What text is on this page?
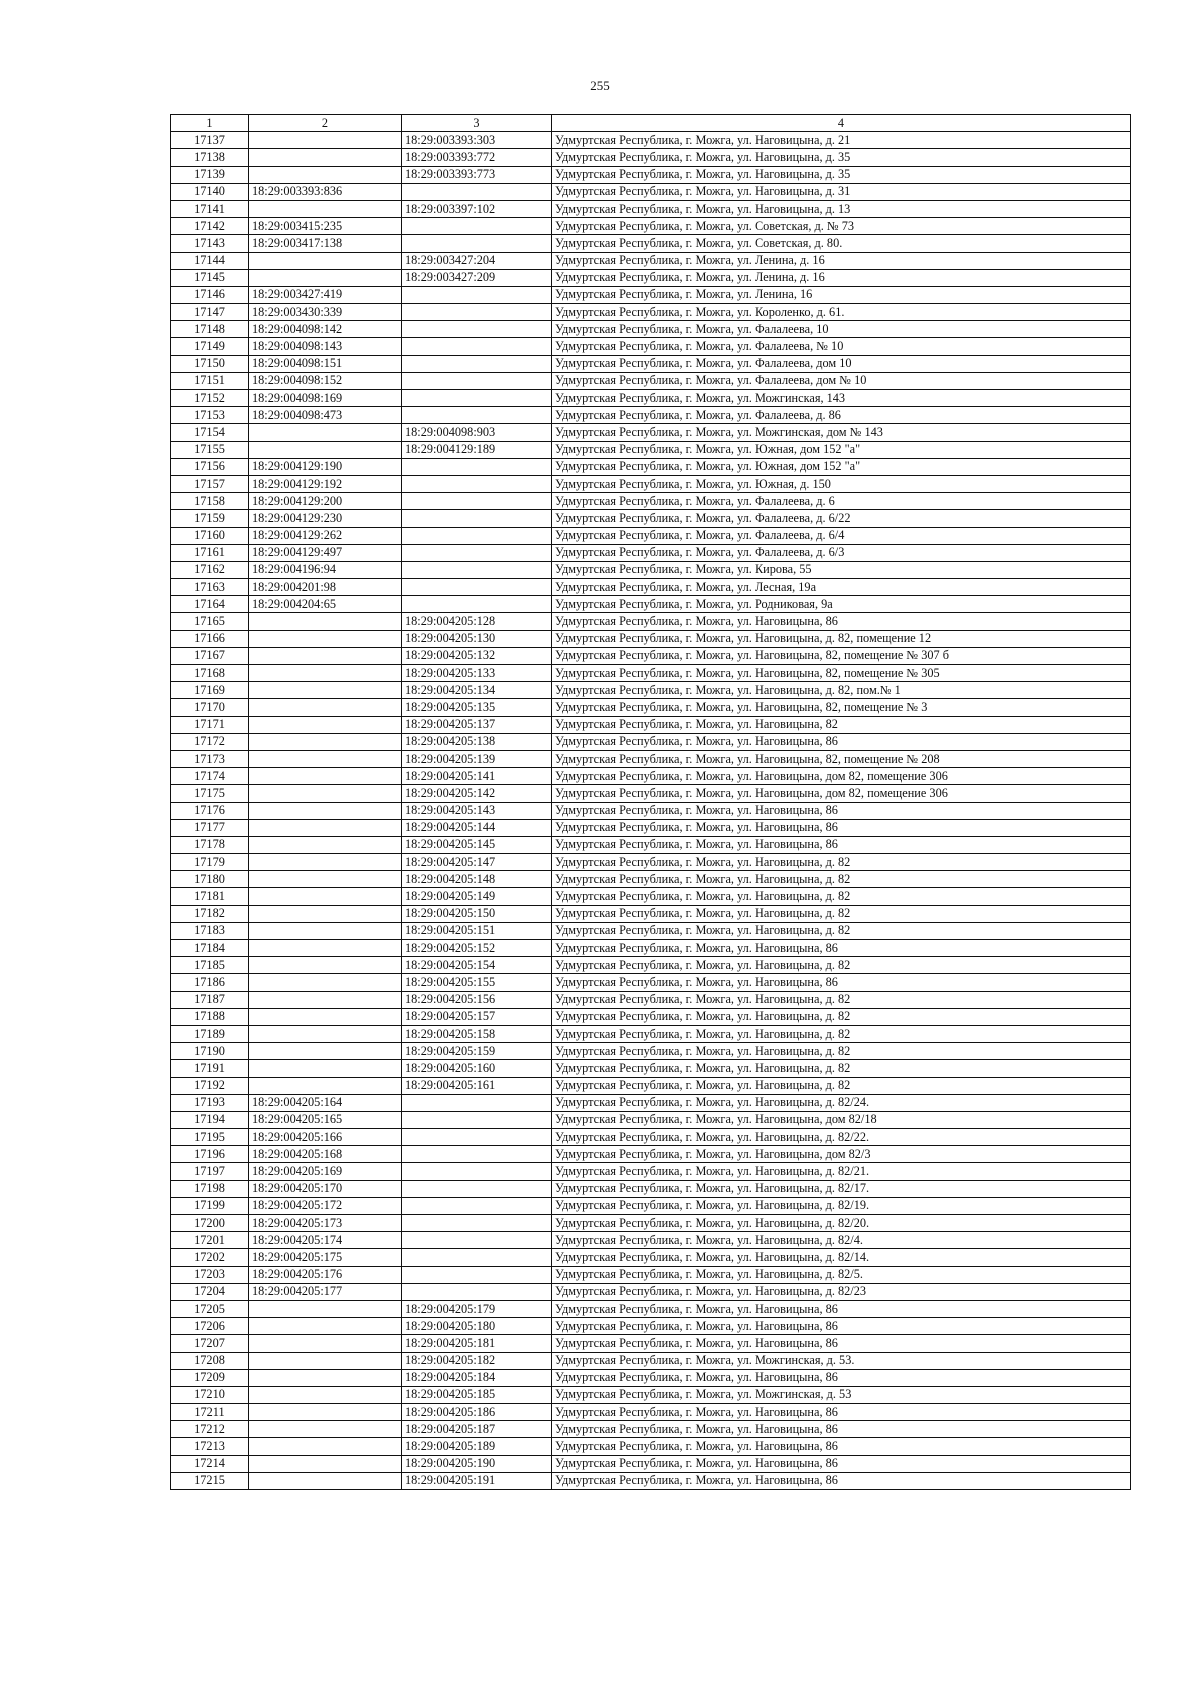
255
1	2	3	4
17137		18:29:003393:303	Удмуртская Республика, г. Можга, ул. Наговицына, д. 21
17138		18:29:003393:772	Удмуртская Республика, г. Можга, ул. Наговицына, д. 35
17139		18:29:003393:773	Удмуртская Республика, г. Можга, ул. Наговицына, д. 35
17140	18:29:003393:836		Удмуртская Республика, г. Можга, ул. Наговицына, д. 31
17141		18:29:003397:102	Удмуртская Республика, г. Можга, ул. Наговицына, д. 13
17142	18:29:003415:235		Удмуртская Республика, г. Можга, ул. Советская, д. № 73
17143	18:29:003417:138		Удмуртская Республика, г. Можга, ул. Советская, д. 80.
17144		18:29:003427:204	Удмуртская Республика, г. Можга, ул. Ленина, д. 16
17145		18:29:003427:209	Удмуртская Республика, г. Можга, ул. Ленина, д. 16
17146	18:29:003427:419		Удмуртская Республика, г. Можга, ул. Ленина, 16
17147	18:29:003430:339		Удмуртская Республика, г. Можга, ул. Короленко, д. 61.
17148	18:29:004098:142		Удмуртская Республика, г. Можга, ул. Фалалеева, 10
17149	18:29:004098:143		Удмуртская Республика, г. Можга, ул. Фалалеева, № 10
17150	18:29:004098:151		Удмуртская Республика, г. Можга, ул. Фалалеева, дом 10
17151	18:29:004098:152		Удмуртская Республика, г. Можга, ул. Фалалеева, дом № 10
17152	18:29:004098:169		Удмуртская Республика, г. Можга, ул. Можгинская, 143
17153	18:29:004098:473		Удмуртская Республика, г. Можга, ул. Фалалеева, д. 86
17154		18:29:004098:903	Удмуртская Республика, г. Можга, ул. Можгинская, дом № 143
17155		18:29:004129:189	Удмуртская Республика, г. Можга, ул. Южная, дом 152 "а"
17156	18:29:004129:190		Удмуртская Республика, г. Можга, ул. Южная, дом 152 "а"
17157	18:29:004129:192		Удмуртская Республика, г. Можга, ул. Южная, д. 150
17158	18:29:004129:200		Удмуртская Республика, г. Можга, ул. Фалалеева, д. 6
17159	18:29:004129:230		Удмуртская Республика, г. Можга, ул. Фалалеева, д. 6/22
17160	18:29:004129:262		Удмуртская Республика, г. Можга, ул. Фалалеева, д. 6/4
17161	18:29:004129:497		Удмуртская Республика, г. Можга, ул. Фалалеева, д. 6/3
17162	18:29:004196:94		Удмуртская Республика, г. Можга, ул. Кирова, 55
17163	18:29:004201:98		Удмуртская Республика, г. Можга, ул. Лесная, 19а
17164	18:29:004204:65		Удмуртская Республика, г. Можга, ул. Родниковая, 9а
17165		18:29:004205:128	Удмуртская Республика, г. Можга, ул. Наговицына, 86
17166		18:29:004205:130	Удмуртская Республика, г. Можга, ул. Наговицына, д. 82, помещение 12
17167		18:29:004205:132	Удмуртская Республика, г. Можга, ул. Наговицына, 82, помещение № 307 б
17168		18:29:004205:133	Удмуртская Республика, г. Можга, ул. Наговицына, 82, помещение № 305
17169		18:29:004205:134	Удмуртская Республика, г. Можга, ул. Наговицына, д. 82, пом.№ 1
17170		18:29:004205:135	Удмуртская Республика, г. Можга, ул. Наговицына, 82, помещение № 3
17171		18:29:004205:137	Удмуртская Республика, г. Можга, ул. Наговицына, 82
17172		18:29:004205:138	Удмуртская Республика, г. Можга, ул. Наговицына, 86
17173		18:29:004205:139	Удмуртская Республика, г. Можга, ул. Наговицына, 82, помещение № 208
17174		18:29:004205:141	Удмуртская Республика, г. Можга, ул. Наговицына, дом 82, помещение 306
17175		18:29:004205:142	Удмуртская Республика, г. Можга, ул. Наговицына, дом 82, помещение 306
17176		18:29:004205:143	Удмуртская Республика, г. Можга, ул. Наговицына, 86
17177		18:29:004205:144	Удмуртская Республика, г. Можга, ул. Наговицына, 86
17178		18:29:004205:145	Удмуртская Республика, г. Можга, ул. Наговицына, 86
17179		18:29:004205:147	Удмуртская Республика, г. Можга, ул. Наговицына, д. 82
17180		18:29:004205:148	Удмуртская Республика, г. Можга, ул. Наговицына, д. 82
17181		18:29:004205:149	Удмуртская Республика, г. Можга, ул. Наговицына, д. 82
17182		18:29:004205:150	Удмуртская Республика, г. Можга, ул. Наговицына, д. 82
17183		18:29:004205:151	Удмуртская Республика, г. Можга, ул. Наговицына, д. 82
17184		18:29:004205:152	Удмуртская Республика, г. Можга, ул. Наговицына, 86
17185		18:29:004205:154	Удмуртская Республика, г. Можга, ул. Наговицына, д. 82
17186		18:29:004205:155	Удмуртская Республика, г. Можга, ул. Наговицына, 86
17187		18:29:004205:156	Удмуртская Республика, г. Можга, ул. Наговицына, д. 82
17188		18:29:004205:157	Удмуртская Республика, г. Можга, ул. Наговицына, д. 82
17189		18:29:004205:158	Удмуртская Республика, г. Можга, ул. Наговицына, д. 82
17190		18:29:004205:159	Удмуртская Республика, г. Можга, ул. Наговицына, д. 82
17191		18:29:004205:160	Удмуртская Республика, г. Можга, ул. Наговицына, д. 82
17192		18:29:004205:161	Удмуртская Республика, г. Можга, ул. Наговицына, д. 82
17193	18:29:004205:164		Удмуртская Республика, г. Можга, ул. Наговицына, д. 82/24.
17194	18:29:004205:165		Удмуртская Республика, г. Можга, ул. Наговицына, дом 82/18
17195	18:29:004205:166		Удмуртская Республика, г. Можга, ул. Наговицына, д. 82/22.
17196	18:29:004205:168		Удмуртская Республика, г. Можга, ул. Наговицына, дом 82/3
17197	18:29:004205:169		Удмуртская Республика, г. Можга, ул. Наговицына, д. 82/21.
17198	18:29:004205:170		Удмуртская Республика, г. Можга, ул. Наговицына, д. 82/17.
17199	18:29:004205:172		Удмуртская Республика, г. Можга, ул. Наговицына, д. 82/19.
17200	18:29:004205:173		Удмуртская Республика, г. Можга, ул. Наговицына, д. 82/20.
17201	18:29:004205:174		Удмуртская Республика, г. Можга, ул. Наговицына, д. 82/4.
17202	18:29:004205:175		Удмуртская Республика, г. Можга, ул. Наговицына, д. 82/14.
17203	18:29:004205:176		Удмуртская Республика, г. Можга, ул. Наговицына, д. 82/5.
17204	18:29:004205:177		Удмуртская Республика, г. Можга, ул. Наговицына, д. 82/23
17205		18:29:004205:179	Удмуртская Республика, г. Можга, ул. Наговицына, 86
17206		18:29:004205:180	Удмуртская Республика, г. Можга, ул. Наговицына, 86
17207		18:29:004205:181	Удмуртская Республика, г. Можга, ул. Наговицына, 86
17208		18:29:004205:182	Удмуртская Республика, г. Можга, ул. Можгинская, д. 53.
17209		18:29:004205:184	Удмуртская Республика, г. Можга, ул. Наговицына, 86
17210		18:29:004205:185	Удмуртская Республика, г. Можга, ул. Можгинская, д. 53
17211		18:29:004205:186	Удмуртская Республика, г. Можга, ул. Наговицына, 86
17212		18:29:004205:187	Удмуртская Республика, г. Можга, ул. Наговицына, 86
17213		18:29:004205:189	Удмуртская Республика, г. Можга, ул. Наговицына, 86
17214		18:29:004205:190	Удмуртская Республика, г. Можга, ул. Наговицына, 86
17215		18:29:004205:191	Удмуртская Республика, г. Можга, ул. Наговицына, 86
